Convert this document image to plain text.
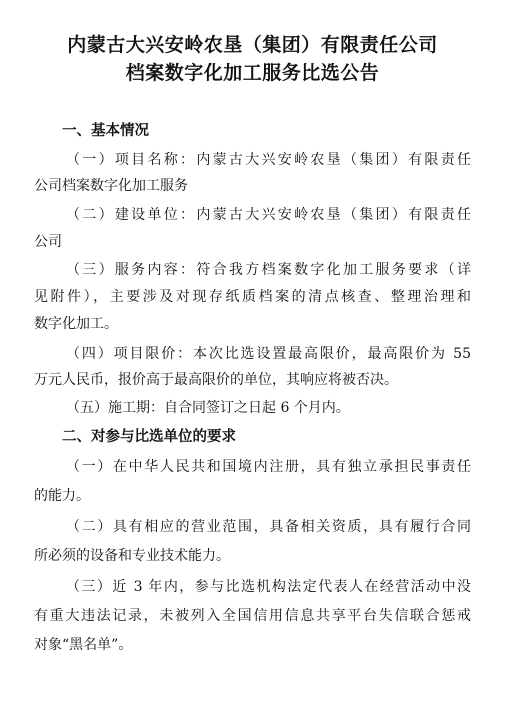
内蒙古大兴安岭农垦（集团）有限责任公司
档案数字化加工服务比选公告
一、基本情况
（一）项目名称：内蒙古大兴安岭农垦（集团）有限责任
公司档案数字化加工服务
（二）建设单位：内蒙古大兴安岭农垦（集团）有限责任
公司
（三）服务内容：符合我方档案数字化加工服务要求（详
见附件），主要涉及对现存纸质档案的清点核查、整理治理和
数字化加工。
（四）项目限价：本次比选设置最高限价，最高限价为 55
万元人民币，报价高于最高限价的单位，其响应将被否决。
（五）施工期：自合同签订之日起 6 个月内。
二、对参与比选单位的要求
（一）在中华人民共和国境内注册，具有独立承担民事责任
的能力。
（二）具有相应的营业范围，具备相关资质，具有履行合同
所必须的设备和专业技术能力。
（三）近 3 年内，参与比选机构法定代表人在经营活动中没
有重大违法记录，未被列入全国信用信息共享平台失信联合惩戒
对象“黑名单”。
